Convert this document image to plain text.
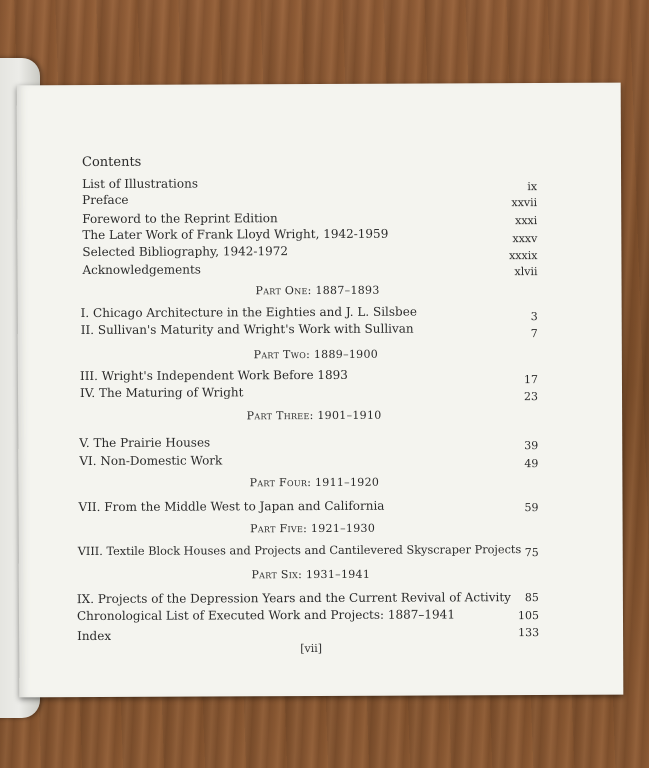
Contents
List of Illustrations	ix
Preface	xxvii
Foreword to the Reprint Edition	xxxi
The Later Work of Frank Lloyd Wright, 1942-1959	xxxv
Selected Bibliography, 1942-1972	xxxix
Acknowledgements	xlvii
Part One: 1887–1893
I. Chicago Architecture in the Eighties and J. L. Silsbee	3
II. Sullivan's Maturity and Wright's Work with Sullivan	7
Part Two: 1889–1900
III. Wright's Independent Work Before 1893	17
IV. The Maturing of Wright	23
Part Three: 1901–1910
V. The Prairie Houses	39
VI. Non-Domestic Work	49
Part Four: 1911–1920
VII. From the Middle West to Japan and California	59
Part Five: 1921–1930
VIII. Textile Block Houses and Projects and Cantilevered Skyscraper Projects 75
Part Six: 1931–1941
IX. Projects of the Depression Years and the Current Revival of Activity	85
Chronological List of Executed Work and Projects: 1887–1941	105
Index	133
[vii]
